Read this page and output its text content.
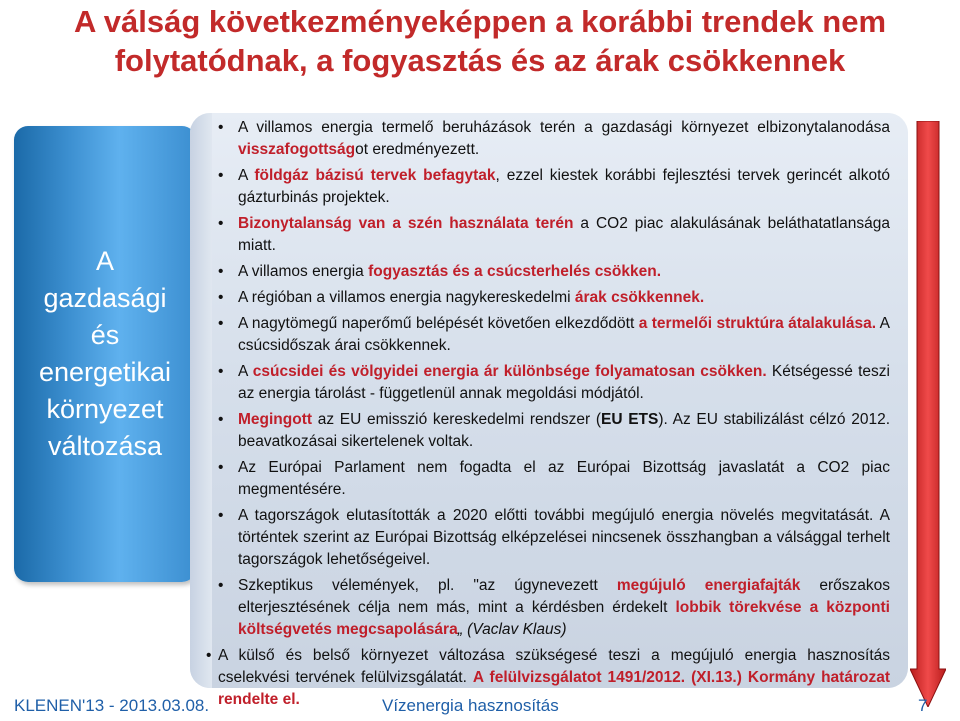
A válság következményeképpen a korábbi trendek nem
folytatódnak, a fogyasztás és az árak csökkennek
A
gazdasági
és
energetikai
környezet
változása
• A villamos energia termelő beruházások terén a gazdasági környezet elbizonytalanodása visszafogottságot eredményezett.
• A földgáz bázisú tervek befagytak, ezzel kiestek korábbi fejlesztési tervek gerincét alkotó gázturbinás projektek.
• Bizonytalanság van a szén használata terén a CO2 piac alakulásának beláthatatlansága miatt.
• A villamos energia fogyasztás és a csúcsterhelés csökken.
• A régióban a villamos energia nagykereskedelmi árak csökkennek.
• A nagytömegű naperőmű belépését követően elkezdődött a termelői struktúra átalakulása. A csúcsidőszak árai csökkennek.
• A csúcsidei és völgyidei energia ár különbsége folyamatosan csökken. Kétségessé teszi az energia tárolást - függetlenül annak megoldási módjától.
• Megingott az EU emisszió kereskedelmi rendszer (EU ETS). Az EU stabilizálást célzó 2012. beavatkozásai sikertelenek voltak.
• Az Európai Parlament nem fogadta el az Európai Bizottság javaslatát a CO2 piac megmentésére.
• A tagországok elutasították a 2020 előtti további megújuló energia növelés megvitatását. A történtek szerint az Európai Bizottság elképzelései nincsenek összhangban a válsággal terhelt tagországok lehetőségeivel.
• Szkeptikus vélemények, pl. "az úgynevezett megújuló energiafajták erőszakos elterjesztésének célja nem más, mint a kérdésben érdekelt lobbik törekvése a központi költségvetés megcsapolására„ (Vaclav Klaus)
• A külső és belső környezet változása szükségesé teszi a megújuló energia hasznosítás cselekvési tervének felülvizsgálatát. A felülvizsgálatot 1491/2012. (XI.13.) Kormány határozat rendelte el.
KLENEN'13 - 2013.03.08.	Vízenergia hasznosítás	7
